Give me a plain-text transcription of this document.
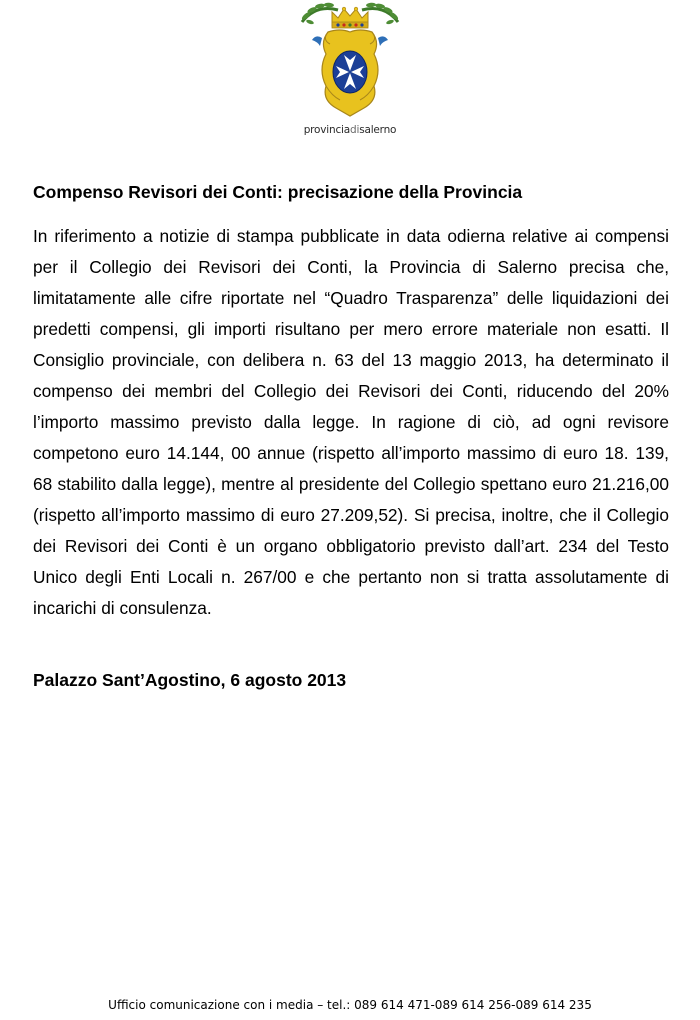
provinciadisalerno
Compenso Revisori dei Conti: precisazione della Provincia

In riferimento a notizie di stampa pubblicate in data odierna relative ai compensi per il Collegio dei Revisori dei Conti, la Provincia di Salerno precisa che, limitatamente alle cifre riportate nel “Quadro Trasparenza” delle liquidazioni dei predetti compensi, gli importi risultano per mero errore materiale non esatti. Il Consiglio provinciale, con delibera n. 63 del 13 maggio 2013, ha determinato il compenso dei membri del Collegio dei Revisori dei Conti, riducendo del 20% l’importo massimo previsto dalla legge. In ragione di ciò, ad ogni revisore competono euro 14.144, 00 annue (rispetto all’importo massimo di euro 18. 139, 68 stabilito dalla legge), mentre al presidente del Collegio spettano euro 21.216,00 (rispetto all’importo massimo di euro 27.209,52). Si precisa, inoltre, che il Collegio dei Revisori dei Conti è un organo obbligatorio previsto dall’art. 234 del Testo Unico degli Enti Locali n. 267/00 e che pertanto non si tratta assolutamente di incarichi di consulenza.

Palazzo Sant’Agostino, 6 agosto 2013

Ufficio comunicazione con i media – tel.: 089 614 471-089 614 256-089 614 235
